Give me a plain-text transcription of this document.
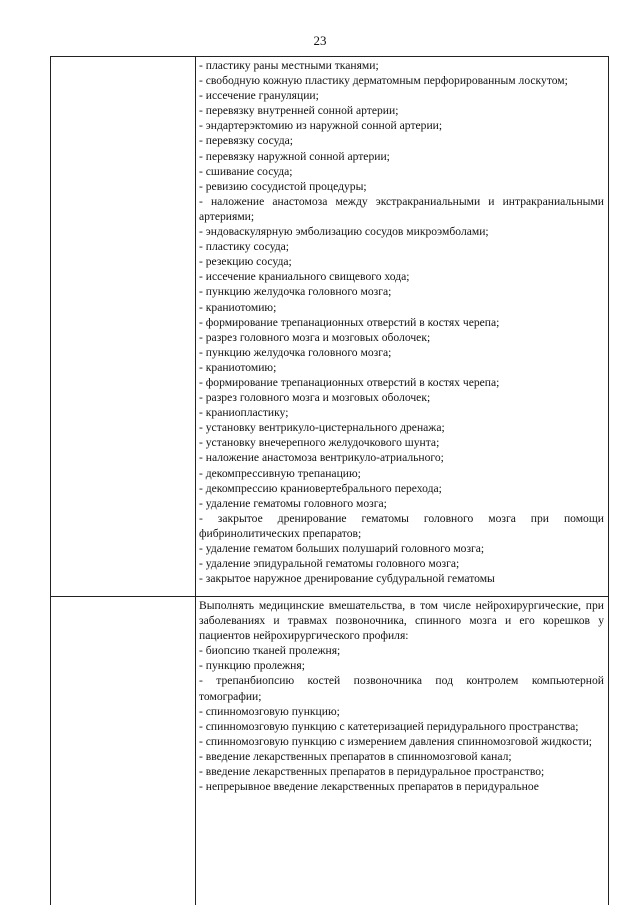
23

- пластику раны местными тканями;

- свободную кожную пластику дерматомным перфорированным лоскутом;

- иссечение грануляции;

- перевязку внутренней сонной артерии;

- эндартерэктомию из наружной сонной артерии;

- перевязку сосуда;

- перевязку наружной сонной артерии;

- сшивание сосуда;

- ревизию сосудистой процедуры;

- наложение анастомоза между экстракраниальными и интракраниальными артериями;

- эндоваскулярную эмболизацию сосудов микроэмболами;

- пластику сосуда;

- резекцию сосуда;

- иссечение краниального свищевого хода;

- пункцию желудочка головного мозга;

- краниотомию;

- формирование трепанационных отверстий в костях черепа;

- разрез головного мозга и мозговых оболочек;

- пункцию желудочка головного мозга;

- краниотомию;

- формирование трепанационных отверстий в костях черепа;

- разрез головного мозга и мозговых оболочек;

- краниопластику;

- установку вентрикуло-цистернального дренажа;

- установку внечерепного желудочкового шунта;

- наложение анастомоза вентрикуло-атриального;

- декомпрессивную трепанацию;

- декомпрессию краниовертебрального перехода;

- удаление гематомы головного мозга;

- закрытое дренирование гематомы головного мозга при помощи фибринолитических препаратов;

- удаление гематом больших полушарий головного мозга;

- удаление эпидуральной гематомы головного мозга;

- закрытое наружное дренирование субдуральной гематомы

Выполнять медицинские вмешательства, в том числе нейрохирургические, при заболеваниях и травмах позвоночника, спинного мозга и его корешков у пациентов нейрохирургического профиля:

- биопсию тканей пролежня;

- пункцию пролежня;

- трепанбиопсию костей позвоночника под контролем компьютерной томографии;

- спинномозговую пункцию;

- спинномозговую пункцию с катетеризацией перидурального пространства;

- спинномозговую пункцию с измерением давления спинномозговой жидкости;

- введение лекарственных препаратов в спинномозговой канал;

- введение лекарственных препаратов в перидуральное пространство;

- непрерывное введение лекарственных препаратов в перидуральное
